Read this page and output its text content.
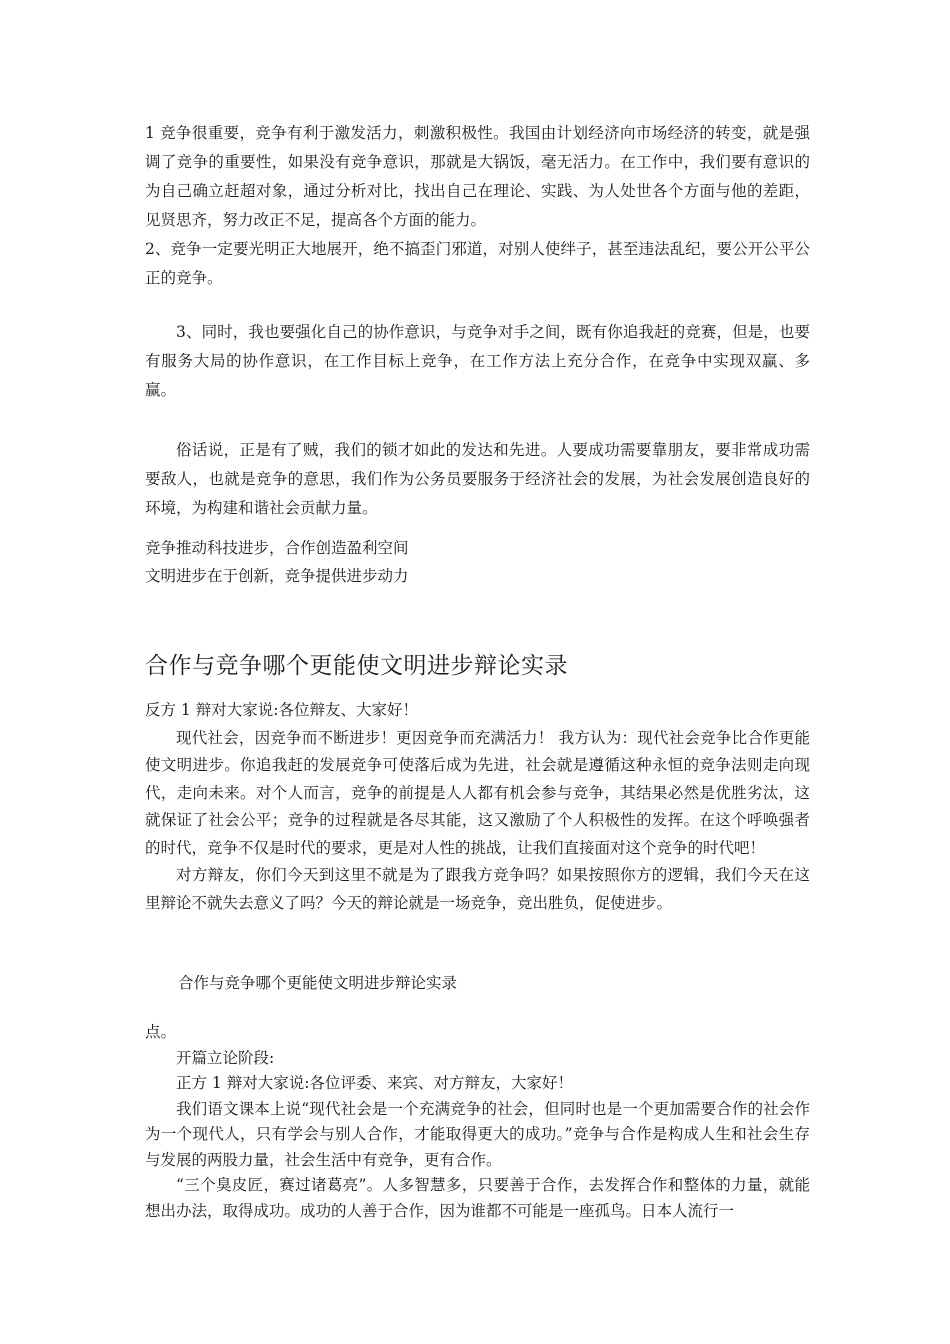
1 竞争很重要，竞争有利于激发活力，刺激积极性。我国由计划经济向市场经济的转变，就是强调了竞争的重要性，如果没有竞争意识，那就是大锅饭，毫无活力。在工作中，我们要有意识的为自己确立赶超对象，通过分析对比，找出自己在理论、实践、为人处世各个方面与他的差距，见贤思齐，努力改正不足，提高各个方面的能力。

2、竞争一定要光明正大地展开，绝不搞歪门邪道，对别人使绊子，甚至违法乱纪，要公开公平公正的竞争。

3、同时，我也要强化自己的协作意识，与竞争对手之间，既有你追我赶的竞赛，但是，也要有服务大局的协作意识，在工作目标上竞争，在工作方法上充分合作，在竞争中实现双赢、多赢。

俗话说，正是有了贼，我们的锁才如此的发达和先进。人要成功需要靠朋友，要非常成功需要敌人，也就是竞争的意思，我们作为公务员要服务于经济社会的发展，为社会发展创造良好的环境，为构建和谐社会贡献力量。

竞争推动科技进步，合作创造盈利空间

文明进步在于创新，竞争提供进步动力

合作与竞争哪个更能使文明进步辩论实录

反方 1 辩对大家说:各位辩友、大家好！

现代社会，因竞争而不断进步！更因竞争而充满活力！ 我方认为：现代社会竞争比合作更能使文明进步。你追我赶的发展竞争可使落后成为先进，社会就是遵循这种永恒的竞争法则走向现代，走向未来。对个人而言，竞争的前提是人人都有机会参与竞争，其结果必然是优胜劣汰，这就保证了社会公平；竞争的过程就是各尽其能，这又激励了个人积极性的发挥。在这个呼唤强者的时代，竞争不仅是时代的要求，更是对人性的挑战，让我们直接面对这个竞争的时代吧！

对方辩友，你们今天到这里不就是为了跟我方竞争吗？如果按照你方的逻辑，我们今天在这里辩论不就失去意义了吗？今天的辩论就是一场竞争，竞出胜负，促使进步。

合作与竞争哪个更能使文明进步辩论实录

点。

开篇立论阶段:

正方 1 辩对大家说:各位评委、来宾、对方辩友，大家好！

我们语文课本上说“现代社会是一个充满竞争的社会，但同时也是一个更加需要合作的社会作为一个现代人，只有学会与别人合作，才能取得更大的成功。”竞争与合作是构成人生和社会生存与发展的两股力量，社会生活中有竞争，更有合作。

“三个臭皮匠，赛过诸葛亮”。人多智慧多，只要善于合作，去发挥合作和整体的力量，就能想出办法，取得成功。成功的人善于合作，因为谁都不可能是一座孤鸟。日本人流行一
